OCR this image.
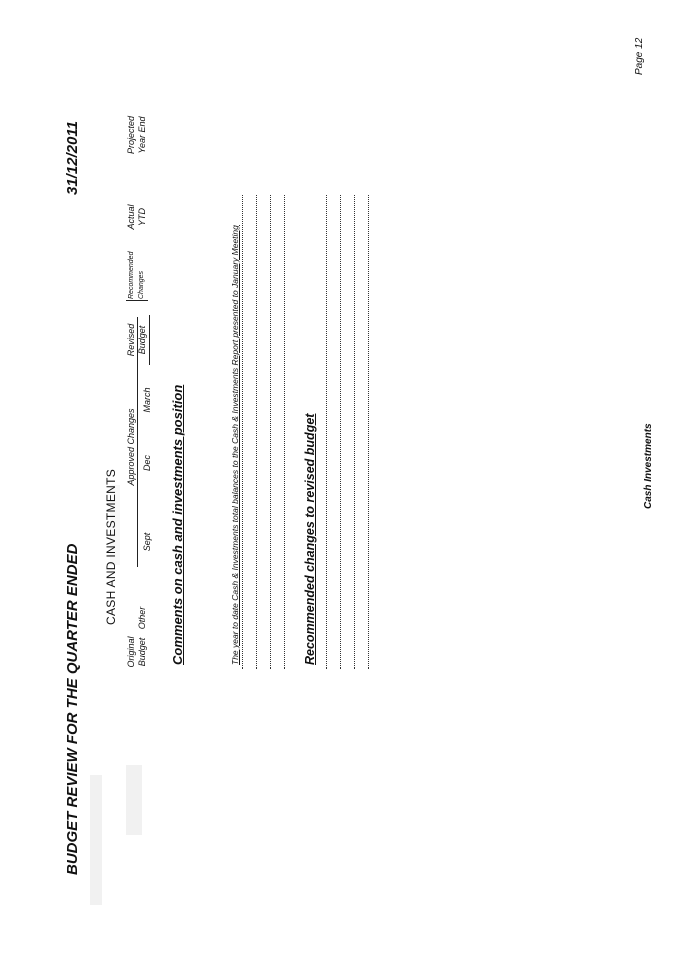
BUDGET REVIEW FOR THE QUARTER ENDED
31/12/2011
CASH AND INVESTMENTS
Original Budget
Other
Approved Changes
Sept
Dec
March
Revised Budget
Recommended Changes
Actual YTD
Projected Year End
Comments on cash and investments position	The year to date Cash & Investments total balances to the Cash & Investments Report presented to January Meeting	Recommended changes to revised budget	Cash Investments
Page 12
